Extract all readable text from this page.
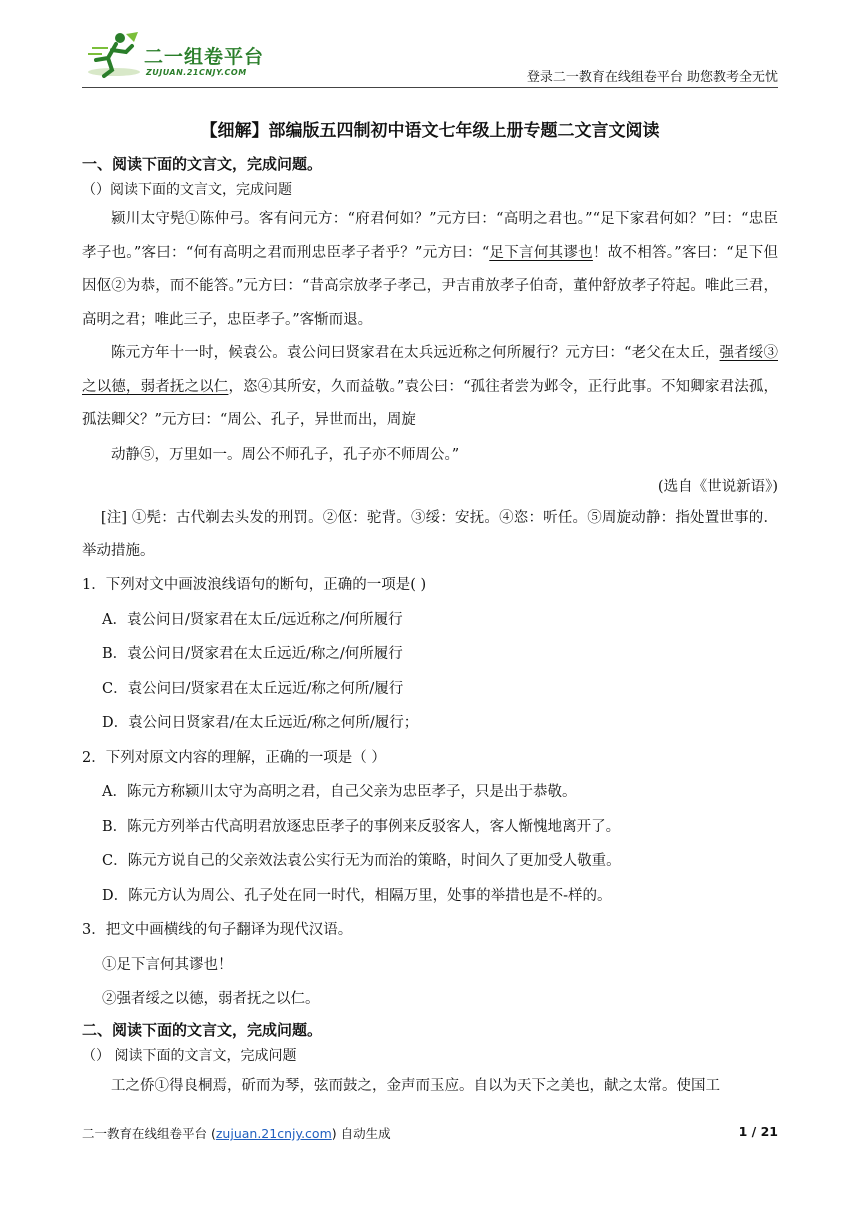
二一组卷平台
ZUJUAN.21CNJY.COM	登录二一教育在线组卷平台 助您教考全无忧
【细解】部编版五四制初中语文七年级上册专题二文言文阅读
一、阅读下面的文言文，完成问题。
（）阅读下面的文言文，完成问题

颍川太守髡①陈仲弓。客有问元方：“府君何如？”元方曰：“高明之君也。”“足下家君何如？”曰：“忠臣孝子也。”客曰：“何有高明之君而刑忠臣孝子者乎？”元方曰：“足下言何其谬也！故不相答。”客曰：“足下但因伛②为恭，而不能答。”元方曰：“昔高宗放孝子孝己，尹吉甫放孝子伯奇，董仲舒放孝子符起。唯此三君，高明之君；唯此三子，忠臣孝子。”客惭而退。

陈元方年十一时，候袁公。袁公问曰贤家君在太兵远近称之何所履行？元方曰：“老父在太丘，强者绥③之以德，弱者抚之以仁，恣④其所安，久而益敬。”袁公曰：“孤往者尝为邺令，正行此事。不知卿家君法孤，孤法卿父？”元方曰：“周公、孔子，异世而出，周旋

动静⑤，万里如一。周公不师孔子，孔子亦不师周公。”
(选自《世说新语》)

[注] ①髡：古代剃去头发的刑罚。②伛：驼背。③绥：安抚。④恣：听任。⑤周旋动静：指处置世事的．举动措施。

1．下列对文中画波浪线语句的断句，正确的一项是( )
A．袁公问日/贤家君在太丘/远近称之/何所履行
B．袁公问日/贤家君在太丘远近/称之/何所履行
C．袁公问曰/贤家君在太丘远近/称之何所/履行
D．袁公问日贤家君/在太丘远近/称之何所/履行；
2．下列对原文内容的理解，正确的一项是（ ）
A．陈元方称颍川太守为高明之君，自己父亲为忠臣孝子，只是出于恭敬。
B．陈元方列举古代高明君放逐忠臣孝子的事例来反驳客人，客人惭愧地离开了。
C．陈元方说自己的父亲效法袁公实行无为而治的策略，时间久了更加受人敬重。
D．陈元方认为周公、孔子处在同一时代，相隔万里，处事的举措也是不-样的。
3．把文中画横线的句子翻译为现代汉语。
①足下言何其谬也！
②强者绥之以德，弱者抚之以仁。
二、阅读下面的文言文，完成问题。
（） 阅读下面的文言文，完成问题
工之侨①得良桐焉，斫而为琴，弦而鼓之，金声而玉应。自以为天下之美也，献之太常。使国工
二一教育在线组卷平台 (zujuan.21cnjy.com) 自动生成	1 / 21
